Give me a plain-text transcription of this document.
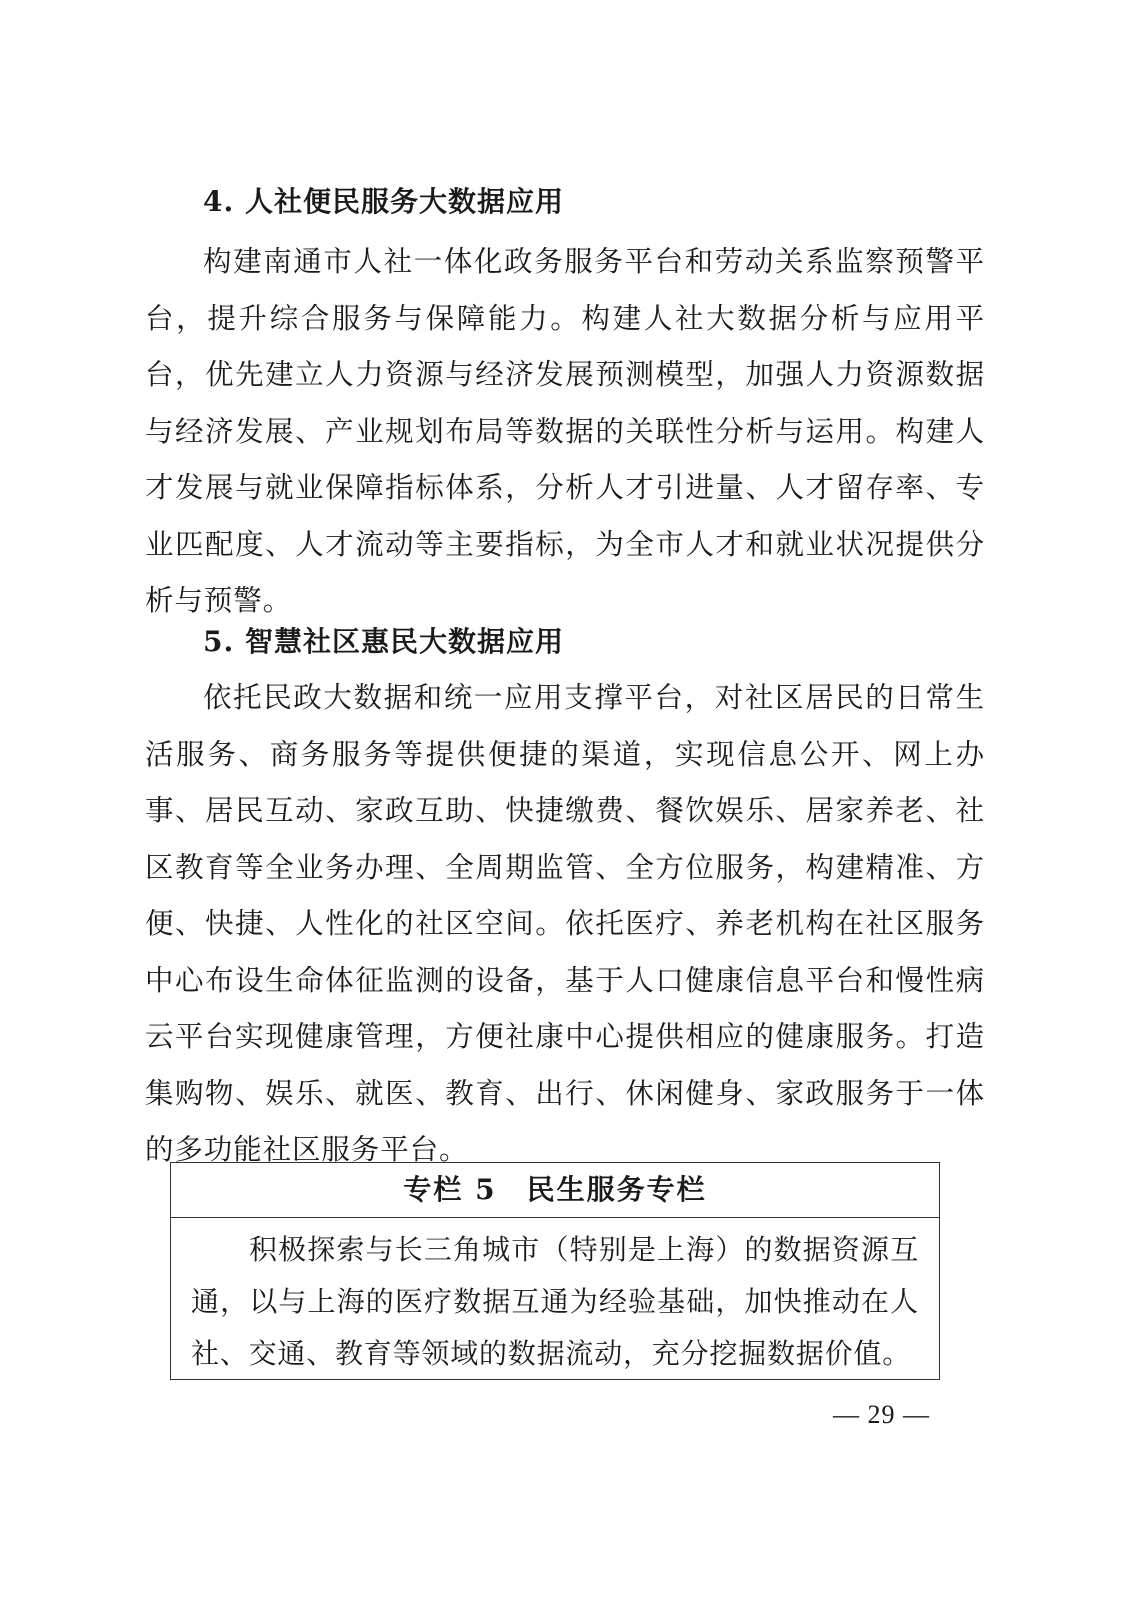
4. 人社便民服务大数据应用

构建南通市人社一体化政务服务平台和劳动关系监察预警平台，提升综合服务与保障能力。构建人社大数据分析与应用平台，优先建立人力资源与经济发展预测模型，加强人力资源数据与经济发展、产业规划布局等数据的关联性分析与运用。构建人才发展与就业保障指标体系，分析人才引进量、人才留存率、专业匹配度、人才流动等主要指标，为全市人才和就业状况提供分析与预警。

5. 智慧社区惠民大数据应用

依托民政大数据和统一应用支撑平台，对社区居民的日常生活服务、商务服务等提供便捷的渠道，实现信息公开、网上办事、居民互动、家政互助、快捷缴费、餐饮娱乐、居家养老、社区教育等全业务办理、全周期监管、全方位服务，构建精准、方便、快捷、人性化的社区空间。依托医疗、养老机构在社区服务中心布设生命体征监测的设备，基于人口健康信息平台和慢性病云平台实现健康管理，方便社康中心提供相应的健康服务。打造集购物、娱乐、就医、教育、出行、休闲健身、家政服务于一体的多功能社区服务平台。

专栏 5　民生服务专栏

积极探索与长三角城市（特别是上海）的数据资源互通，以与上海的医疗数据互通为经验基础，加快推动在人社、交通、教育等领域的数据流动，充分挖掘数据价值。

— 29 —
